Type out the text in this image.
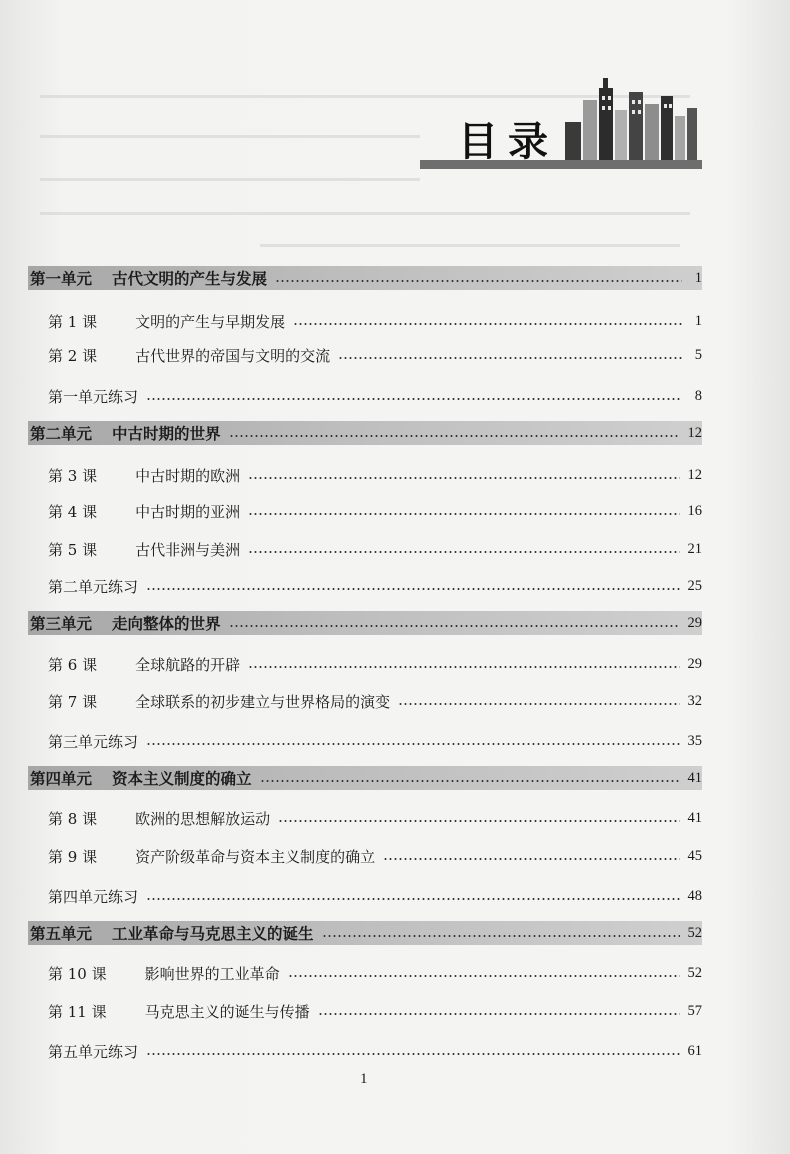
目录
第一单元 古代文明的产生与发展	1
第 1 课	文明的产生与早期发展	1
第 2 课	古代世界的帝国与文明的交流	5
第一单元练习	8
第二单元 中古时期的世界	12
第 3 课	中古时期的欧洲	12
第 4 课	中古时期的亚洲	16
第 5 课	古代非洲与美洲	21
第二单元练习	25
第三单元 走向整体的世界	29
第 6 课	全球航路的开辟	29
第 7 课	全球联系的初步建立与世界格局的演变	32
第三单元练习	35
第四单元 资本主义制度的确立	41
第 8 课	欧洲的思想解放运动	41
第 9 课	资产阶级革命与资本主义制度的确立	45
第四单元练习	48
第五单元 工业革命与马克思主义的诞生	52
第 10 课	影响世界的工业革命	52
第 11 课	马克思主义的诞生与传播	57
第五单元练习	61
1
